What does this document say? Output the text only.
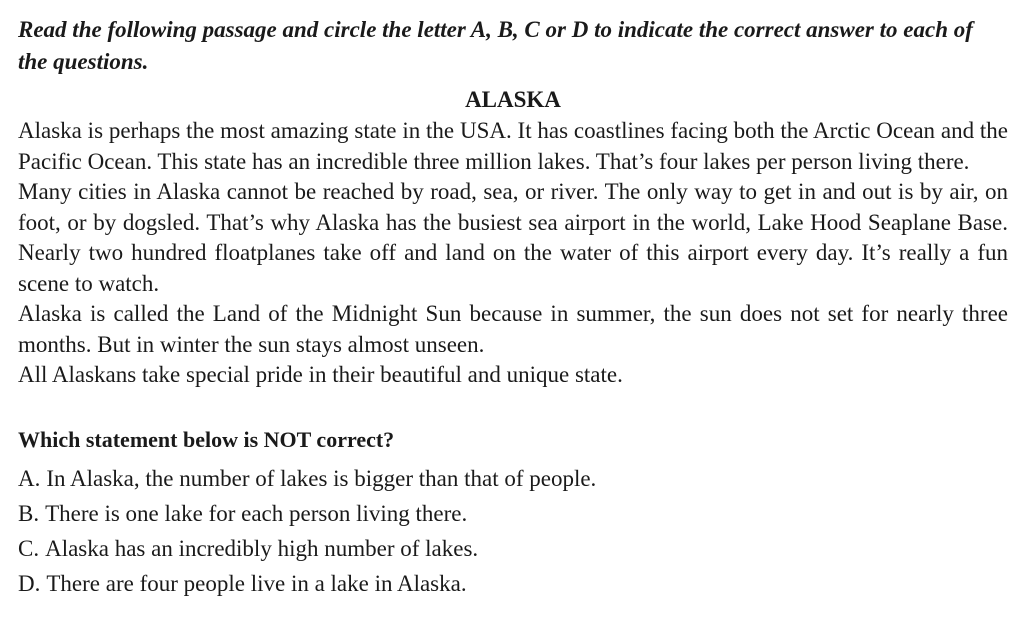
Read the following passage and circle the letter A, B, C or D to indicate the correct answer to each of the questions.

ALASKA

Alaska is perhaps the most amazing state in the USA. It has coastlines facing both the Arctic Ocean and the Pacific Ocean. This state has an incredible three million lakes. That’s four lakes per person living there.

Many cities in Alaska cannot be reached by road, sea, or river. The only way to get in and out is by air, on foot, or by dogsled. That’s why Alaska has the busiest sea airport in the world, Lake Hood Seaplane Base. Nearly two hundred floatplanes take off and land on the water of this airport every day. It’s really a fun scene to watch.

Alaska is called the Land of the Midnight Sun because in summer, the sun does not set for nearly three months. But in winter the sun stays almost unseen.

All Alaskans take special pride in their beautiful and unique state.

Which statement below is NOT correct?

A. In Alaska, the number of lakes is bigger than that of people.
B. There is one lake for each person living there.
C. Alaska has an incredibly high number of lakes.
D. There are four people live in a lake in Alaska.
